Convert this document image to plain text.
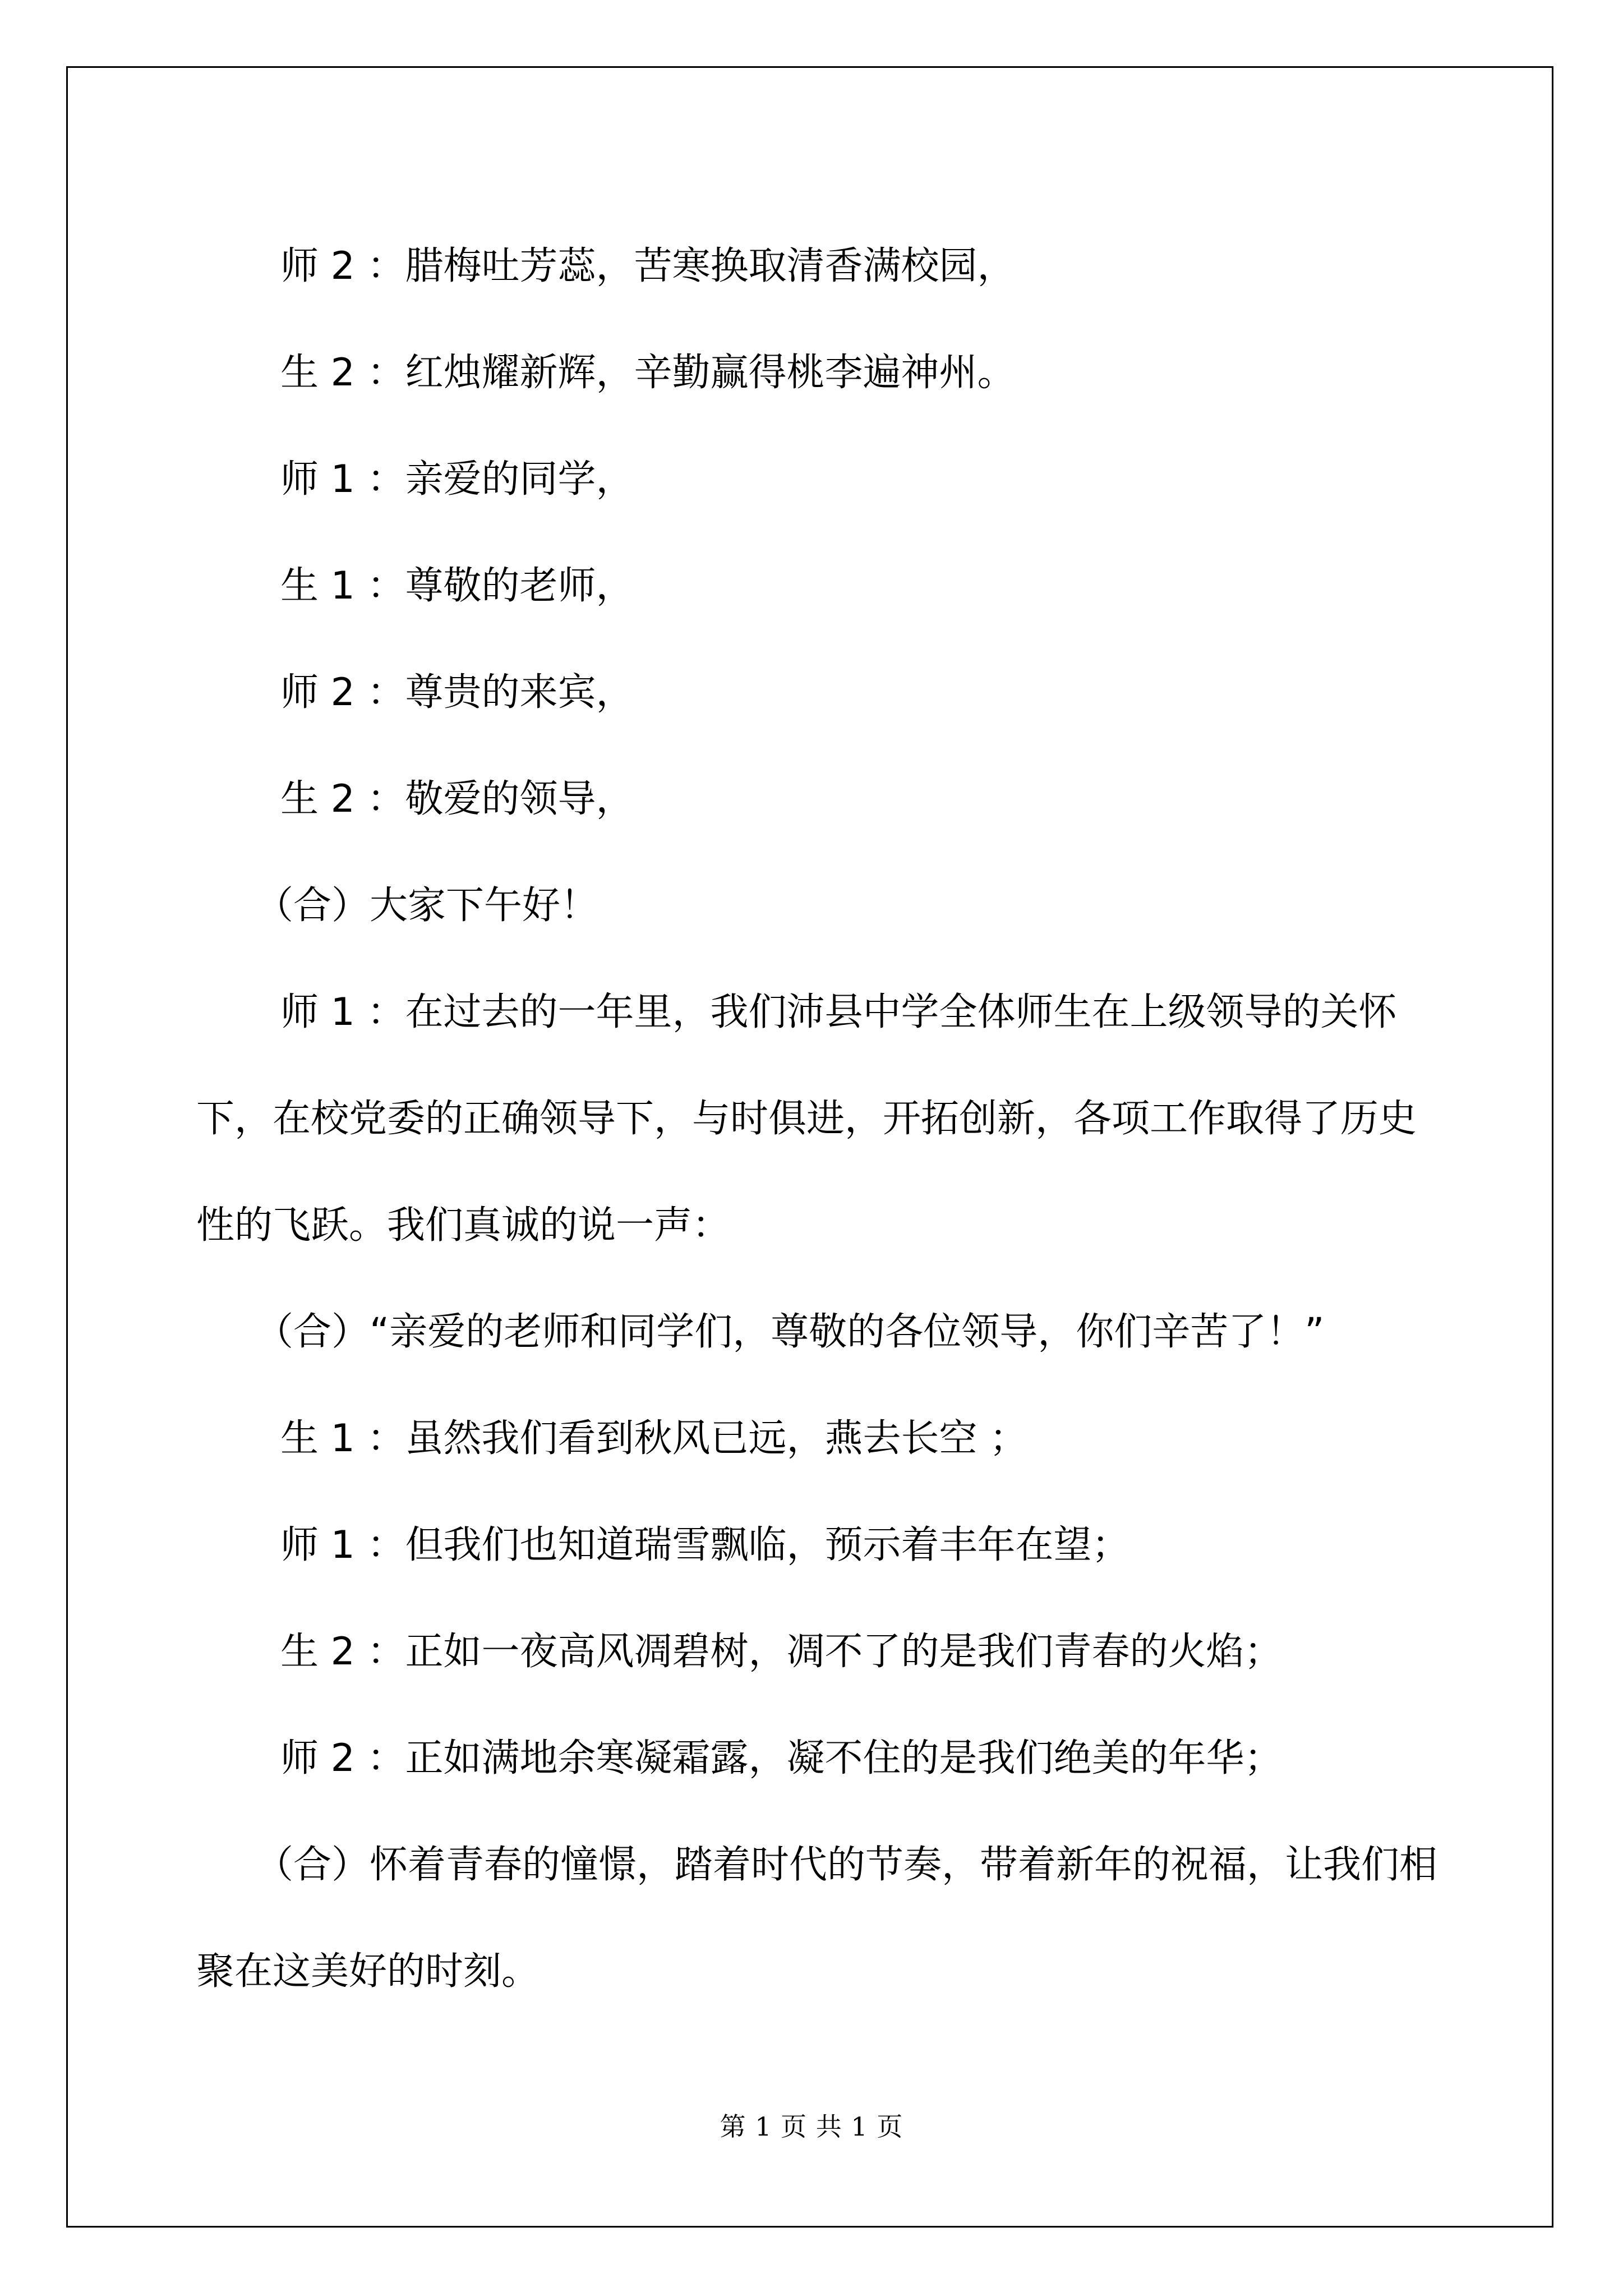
师 2 ：腊梅吐芳蕊，苦寒换取清香满校园，

生 2 ：红烛耀新辉，辛勤赢得桃李遍神州。

师 1 ：亲爱的同学，

生 1 ：尊敬的老师，

师 2 ：尊贵的来宾，

生 2 ：敬爱的领导，

（合）大家下午好！

师 1 ：在过去的一年里，我们沛县中学全体师生在上级领导的关怀下，在校党委的正确领导下，与时俱进，开拓创新，各项工作取得了历史性的飞跃。我们真诚的说一声：

（合）“亲爱的老师和同学们，尊敬的各位领导，你们辛苦了！”

生 1 ：虽然我们看到秋风已远，燕去长空 ；

师 1 ：但我们也知道瑞雪飘临，预示着丰年在望；

生 2 ：正如一夜高风凋碧树，凋不了的是我们青春的火焰；

师 2 ：正如满地余寒凝霜露，凝不住的是我们绝美的年华；

（合）怀着青春的憧憬，踏着时代的节奏，带着新年的祝福，让我们相聚在这美好的时刻。

第 1 页 共 1 页
